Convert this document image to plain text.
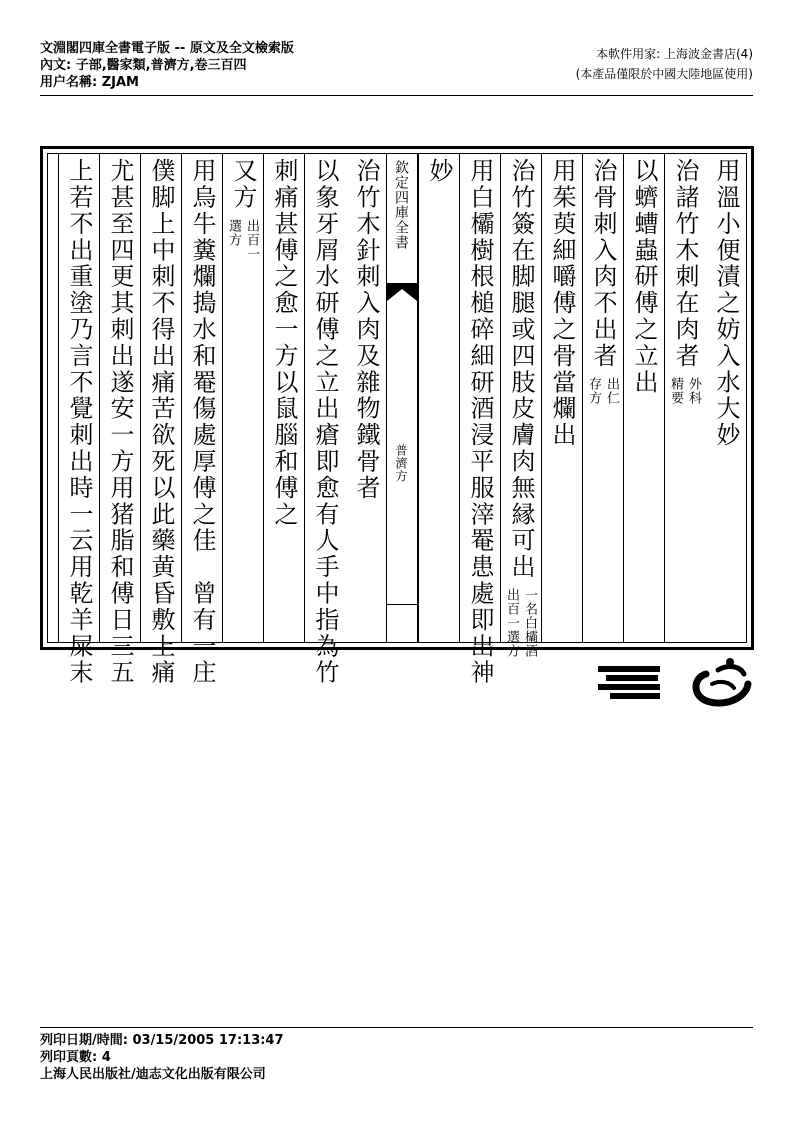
文淵閣四庫全書電子版 -- 原文及全文檢索版
內文: 子部,醫家類,普濟方,卷三百四
用户名稱: ZJAM
本軟件用家: 上海波金書店(4)
(本產品僅限於中國大陸地區使用)
用溫小便漬之妨入水大妙
治諸竹木刺在肉者
外科
精要
以蠐螬蟲研傅之立出
治骨刺入肉不出者
出仁
存方
用茱萸細嚼傅之骨當爛出
治竹簽在脚腿或四肢皮膚肉無縁可出
一名白欛酒
出百一選方
用白欛樹根槌碎細研酒浸平服滓罨患處即出神
妙
欽定四庫全書
普濟方
治竹木針刺入肉及雜物鐵骨者
以象牙屑水研傅之立出瘡即愈有人手中指為竹
刺痛甚傅之愈一方以鼠腦和傅之
又方
出百一
選方
用烏牛糞爛搗水和罨傷處厚傅之佳　曾有一庄
僕脚上中刺不得出痛苦欲死以此藥黄昏敷上痛
尤甚至四更其刺出遂安一方用猪脂和傅日三五
上若不出重塗乃言不覺刺出時一云用乾羊屎末
列印日期/時間: 03/15/2005 17:13:47
列印頁數: 4
上海人民出版社/迪志文化出版有限公司
